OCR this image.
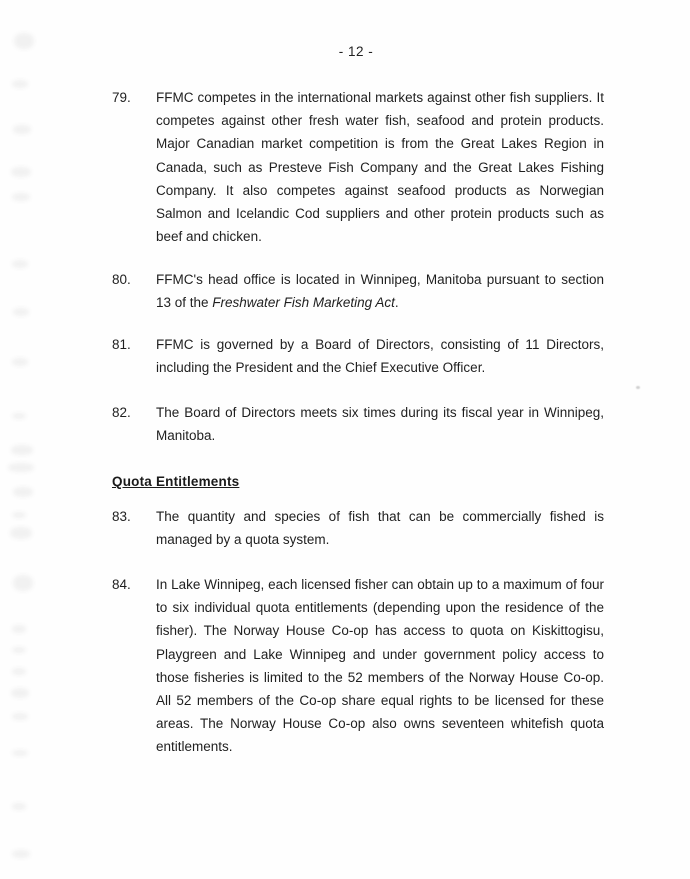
- 12 -
79.	FFMC competes in the international markets against other fish suppliers. It competes against other fresh water fish, seafood and protein products. Major Canadian market competition is from the Great Lakes Region in Canada, such as Presteve Fish Company and the Great Lakes Fishing Company. It also competes against seafood products as Norwegian Salmon and Icelandic Cod suppliers and other protein products such as beef and chicken.

80.	FFMC's head office is located in Winnipeg, Manitoba pursuant to section 13 of the Freshwater Fish Marketing Act.

81.	FFMC is governed by a Board of Directors, consisting of 11 Directors, including the President and the Chief Executive Officer.

82.	The Board of Directors meets six times during its fiscal year in Winnipeg, Manitoba.

Quota Entitlements
83.	The quantity and species of fish that can be commercially fished is managed by a quota system.

84.	In Lake Winnipeg, each licensed fisher can obtain up to a maximum of four to six individual quota entitlements (depending upon the residence of the fisher). The Norway House Co-op has access to quota on Kiskittogisu, Playgreen and Lake Winnipeg and under government policy access to those fisheries is limited to the 52 members of the Norway House Co-op. All 52 members of the Co-op share equal rights to be licensed for these areas. The Norway House Co-op also owns seventeen whitefish quota entitlements.
